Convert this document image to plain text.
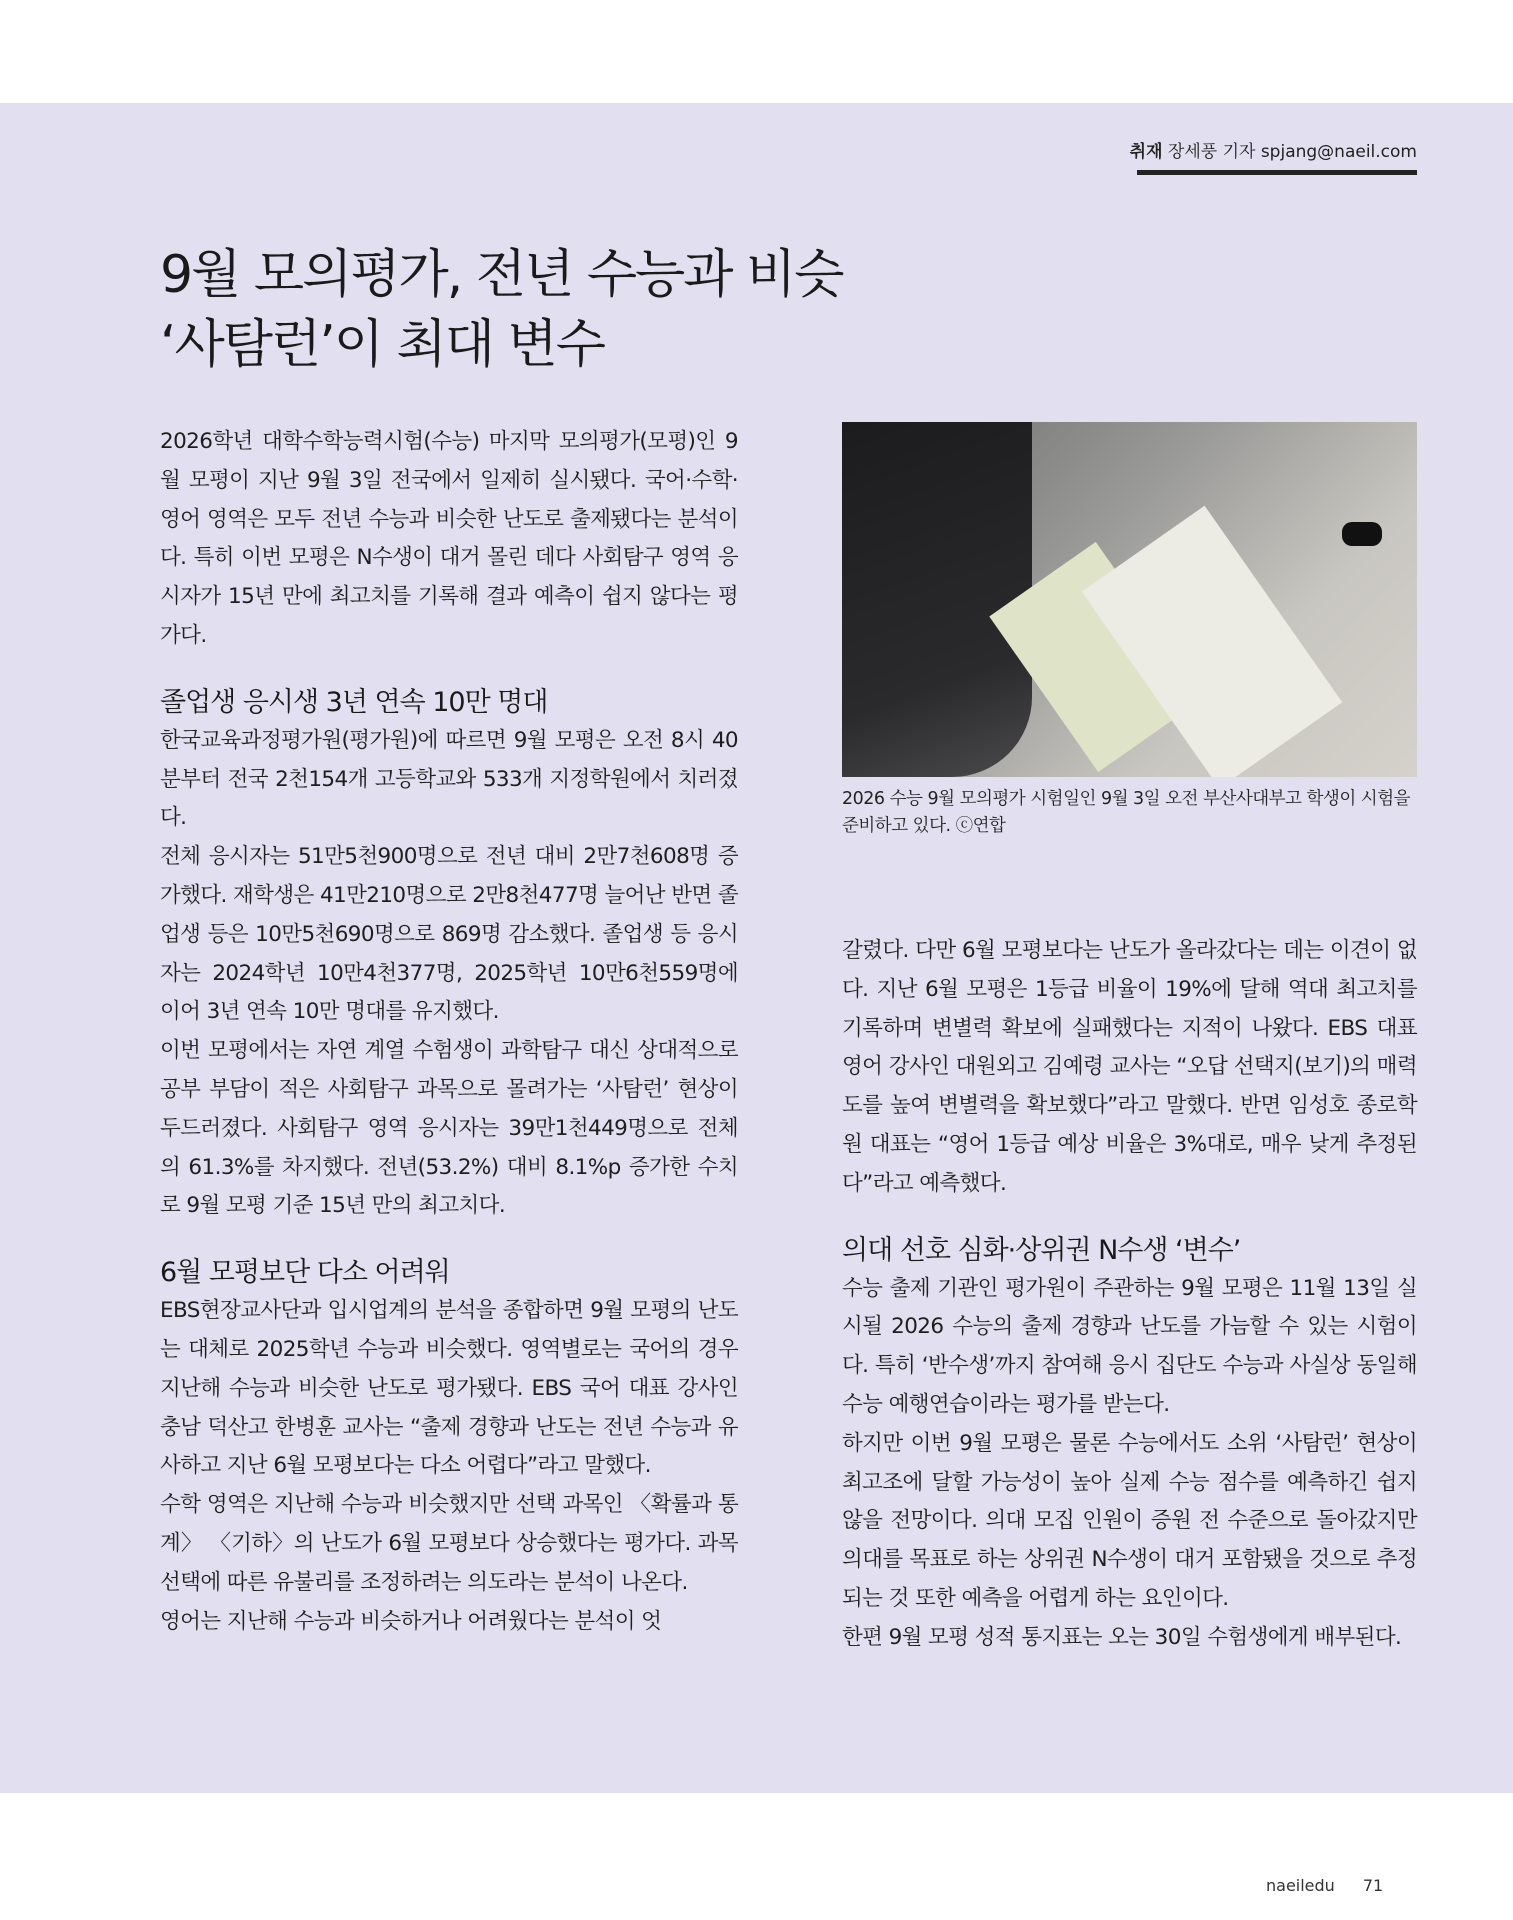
취재 장세풍 기자 spjang@naeil.com
9월 모의평가, 전년 수능과 비슷
‘사탐런’이 최대 변수

2026학년 대학수학능력시험(수능) 마지막 모의평가(모평)인 9월 모평이 지난 9월 3일 전국에서 일제히 실시됐다. 국어·수학·영어 영역은 모두 전년 수능과 비슷한 난도로 출제됐다는 분석이다. 특히 이번 모평은 N수생이 대거 몰린 데다 사회탐구 영역 응시자가 15년 만에 최고치를 기록해 결과 예측이 쉽지 않다는 평가다.

졸업생 응시생 3년 연속 10만 명대

한국교육과정평가원(평가원)에 따르면 9월 모평은 오전 8시 40분부터 전국 2천154개 고등학교와 533개 지정학원에서 치러졌다.

전체 응시자는 51만5천900명으로 전년 대비 2만7천608명 증가했다. 재학생은 41만210명으로 2만8천477명 늘어난 반면 졸업생 등은 10만5천690명으로 869명 감소했다. 졸업생 등 응시자는 2024학년 10만4천377명, 2025학년 10만6천559명에 이어 3년 연속 10만 명대를 유지했다.

이번 모평에서는 자연 계열 수험생이 과학탐구 대신 상대적으로 공부 부담이 적은 사회탐구 과목으로 몰려가는 ‘사탐런’ 현상이 두드러졌다. 사회탐구 영역 응시자는 39만1천449명으로 전체의 61.3%를 차지했다. 전년(53.2%) 대비 8.1%p 증가한 수치로 9월 모평 기준 15년 만의 최고치다.

6월 모평보단 다소 어려워

EBS현장교사단과 입시업계의 분석을 종합하면 9월 모평의 난도는 대체로 2025학년 수능과 비슷했다. 영역별로는 국어의 경우 지난해 수능과 비슷한 난도로 평가됐다. EBS 국어 대표 강사인 충남 덕산고 한병훈 교사는 “출제 경향과 난도는 전년 수능과 유사하고 지난 6월 모평보다는 다소 어렵다”라고 말했다.

수학 영역은 지난해 수능과 비슷했지만 선택 과목인 〈확률과 통계〉 〈기하〉의 난도가 6월 모평보다 상승했다는 평가다. 과목 선택에 따른 유불리를 조정하려는 의도라는 분석이 나온다.

영어는 지난해 수능과 비슷하거나 어려웠다는 분석이 엇

2026 수능 9월 모의평가 시험일인 9월 3일 오전 부산사대부고 학생이 시험을 준비하고 있다. ⓒ연합

갈렸다. 다만 6월 모평보다는 난도가 올라갔다는 데는 이견이 없다. 지난 6월 모평은 1등급 비율이 19%에 달해 역대 최고치를 기록하며 변별력 확보에 실패했다는 지적이 나왔다. EBS 대표 영어 강사인 대원외고 김예령 교사는 “오답 선택지(보기)의 매력도를 높여 변별력을 확보했다”라고 말했다. 반면 임성호 종로학원 대표는 “영어 1등급 예상 비율은 3%대로, 매우 낮게 추정된다”라고 예측했다.

의대 선호 심화·상위권 N수생 ‘변수’

수능 출제 기관인 평가원이 주관하는 9월 모평은 11월 13일 실시될 2026 수능의 출제 경향과 난도를 가늠할 수 있는 시험이다. 특히 ‘반수생’까지 참여해 응시 집단도 수능과 사실상 동일해 수능 예행연습이라는 평가를 받는다.

하지만 이번 9월 모평은 물론 수능에서도 소위 ‘사탐런’ 현상이 최고조에 달할 가능성이 높아 실제 수능 점수를 예측하긴 쉽지 않을 전망이다. 의대 모집 인원이 증원 전 수준으로 돌아갔지만 의대를 목표로 하는 상위권 N수생이 대거 포함됐을 것으로 추정되는 것 또한 예측을 어렵게 하는 요인이다.

한편 9월 모평 성적 통지표는 오는 30일 수험생에게 배부된다.

naeiledu 71
